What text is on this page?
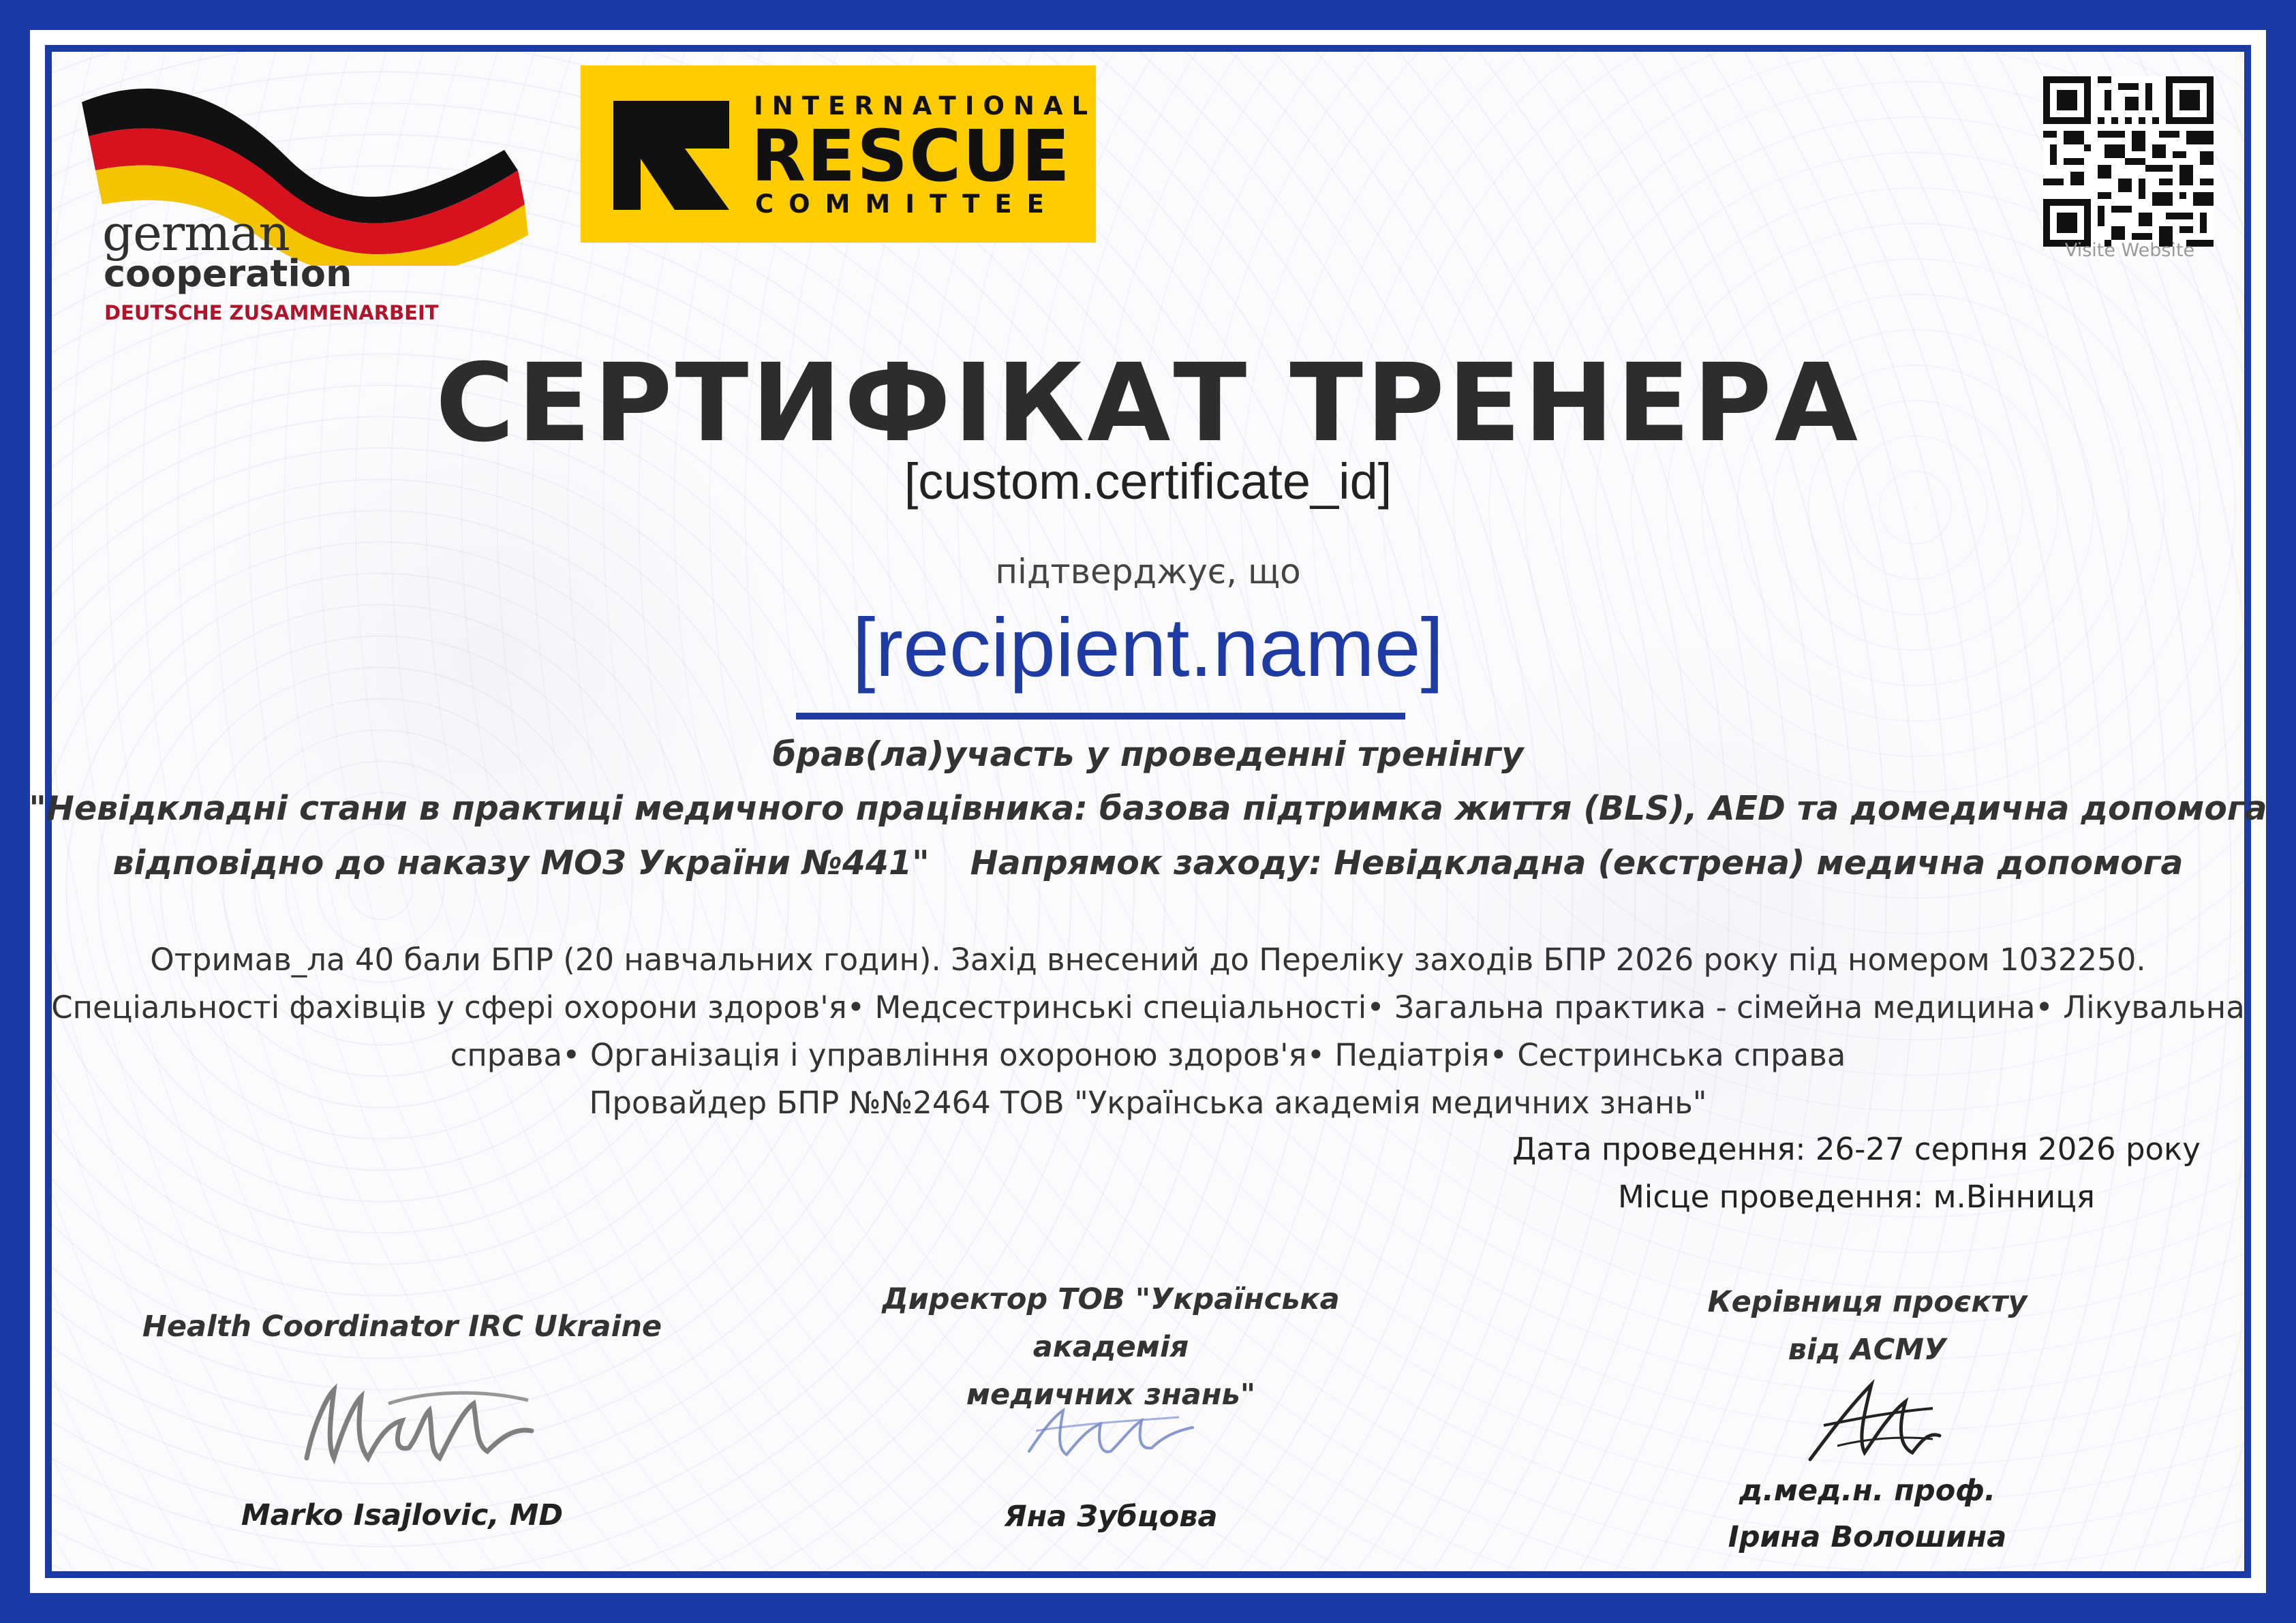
german
cooperation
DEUTSCHE ZUSAMMENARBEIT
INTERNATIONAL
RESCUE
COMMITTEE
Visite Website
СЕРТИФІКАТ ТРЕНЕРА
[custom.certificate_id]
підтверджує, що
[recipient.name]
брав(ла)участь у проведенні тренінгу
"Невідкладні стани в практиці медичного працівника: базова підтримка життя (BLS), AED та домедична допомога
відповідно до наказу МОЗ України №441" Напрямок заходу: Невідкладна (екстрена) медична допомога
Отримав_ла 40 бали БПР (20 навчальних годин). Захід внесений до Переліку заходів БПР 2026 року під номером 1032250.
Спеціальності фахівців у сфері охорони здоров'я• Медсестринські спеціальності• Загальна практика - сімейна медицина• Лікувальна
справа• Організація і управління охороною здоров'я• Педіатрія• Сестринська справа
Провайдер БПР №№2464 ТОВ "Українська академія медичних знань"
Дата проведення: 26-27 серпня 2026 року
Місце проведення: м.Вінниця
Health Coordinator IRC Ukraine
Директор ТОВ "Українська академія
медичних знань"
Керівниця проєкту
від АСМУ
Marko Isajlovic, MD	Яна Зубцова
д.мед.н. проф.
Ірина Волошина
